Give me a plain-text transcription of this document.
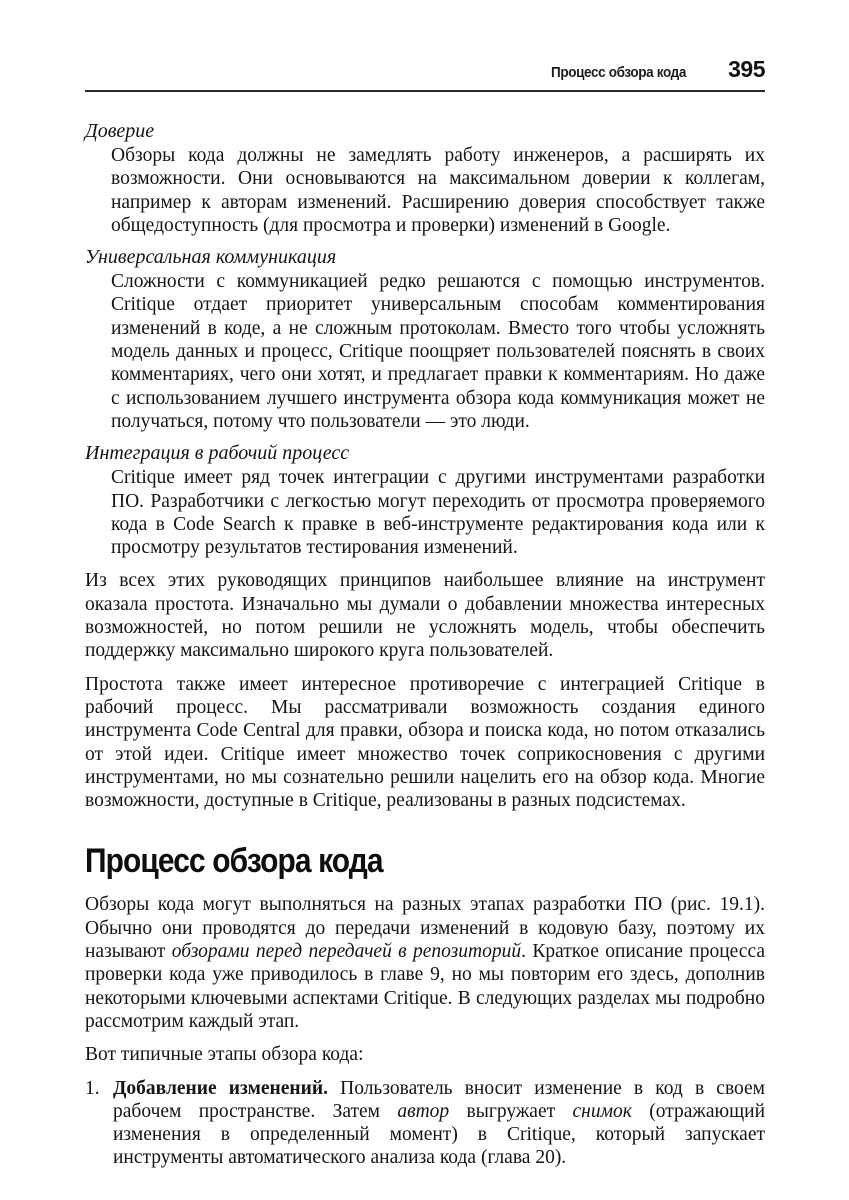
Процесс обзора кода 395

Доверие

Обзоры кода должны не замедлять работу инженеров, а расширять их возможности. Они основываются на максимальном доверии к коллегам, например к авторам изменений. Расширению доверия способствует также общедоступность (для просмотра и проверки) изменений в Google.

Универсальная коммуникация

Сложности с коммуникацией редко решаются с помощью инструментов. Critique отдает приоритет универсальным способам комментирования изменений в коде, а не сложным протоколам. Вместо того чтобы усложнять модель данных и процесс, Critique поощряет пользователей пояснять в своих комментариях, чего они хотят, и предлагает правки к комментариям. Но даже с использованием лучшего инструмента обзора кода коммуникация может не получаться, потому что пользователи — это люди.

Интеграция в рабочий процесс

Critique имеет ряд точек интеграции с другими инструментами разработки ПО. Разработчики с легкостью могут переходить от просмотра проверяемого кода в Code Search к правке в веб-инструменте редактирования кода или к просмотру результатов тестирования изменений.

Из всех этих руководящих принципов наибольшее влияние на инструмент оказала простота. Изначально мы думали о добавлении множества интересных возможностей, но потом решили не усложнять модель, чтобы обеспечить поддержку максимально широкого круга пользователей.

Простота также имеет интересное противоречие с интеграцией Critique в рабочий процесс. Мы рассматривали возможность создания единого инструмента Code Central для правки, обзора и поиска кода, но потом отказались от этой идеи. Critique имеет множество точек соприкосновения с другими инструментами, но мы сознательно решили нацелить его на обзор кода. Многие возможности, доступные в Critique, реализованы в разных подсистемах.

Процесс обзора кода

Обзоры кода могут выполняться на разных этапах разработки ПО (рис. 19.1). Обычно они проводятся до передачи изменений в кодовую базу, поэтому их называют обзорами перед передачей в репозиторий. Краткое описание процесса проверки кода уже приводилось в главе 9, но мы повторим его здесь, дополнив некоторыми ключевыми аспектами Critique. В следующих разделах мы подробно рассмотрим каждый этап.

Вот типичные этапы обзора кода:

1. Добавление изменений. Пользователь вносит изменение в код в своем рабочем пространстве. Затем автор выгружает снимок (отражающий изменения в определенный момент) в Critique, который запускает инструменты автоматического анализа кода (глава 20).
